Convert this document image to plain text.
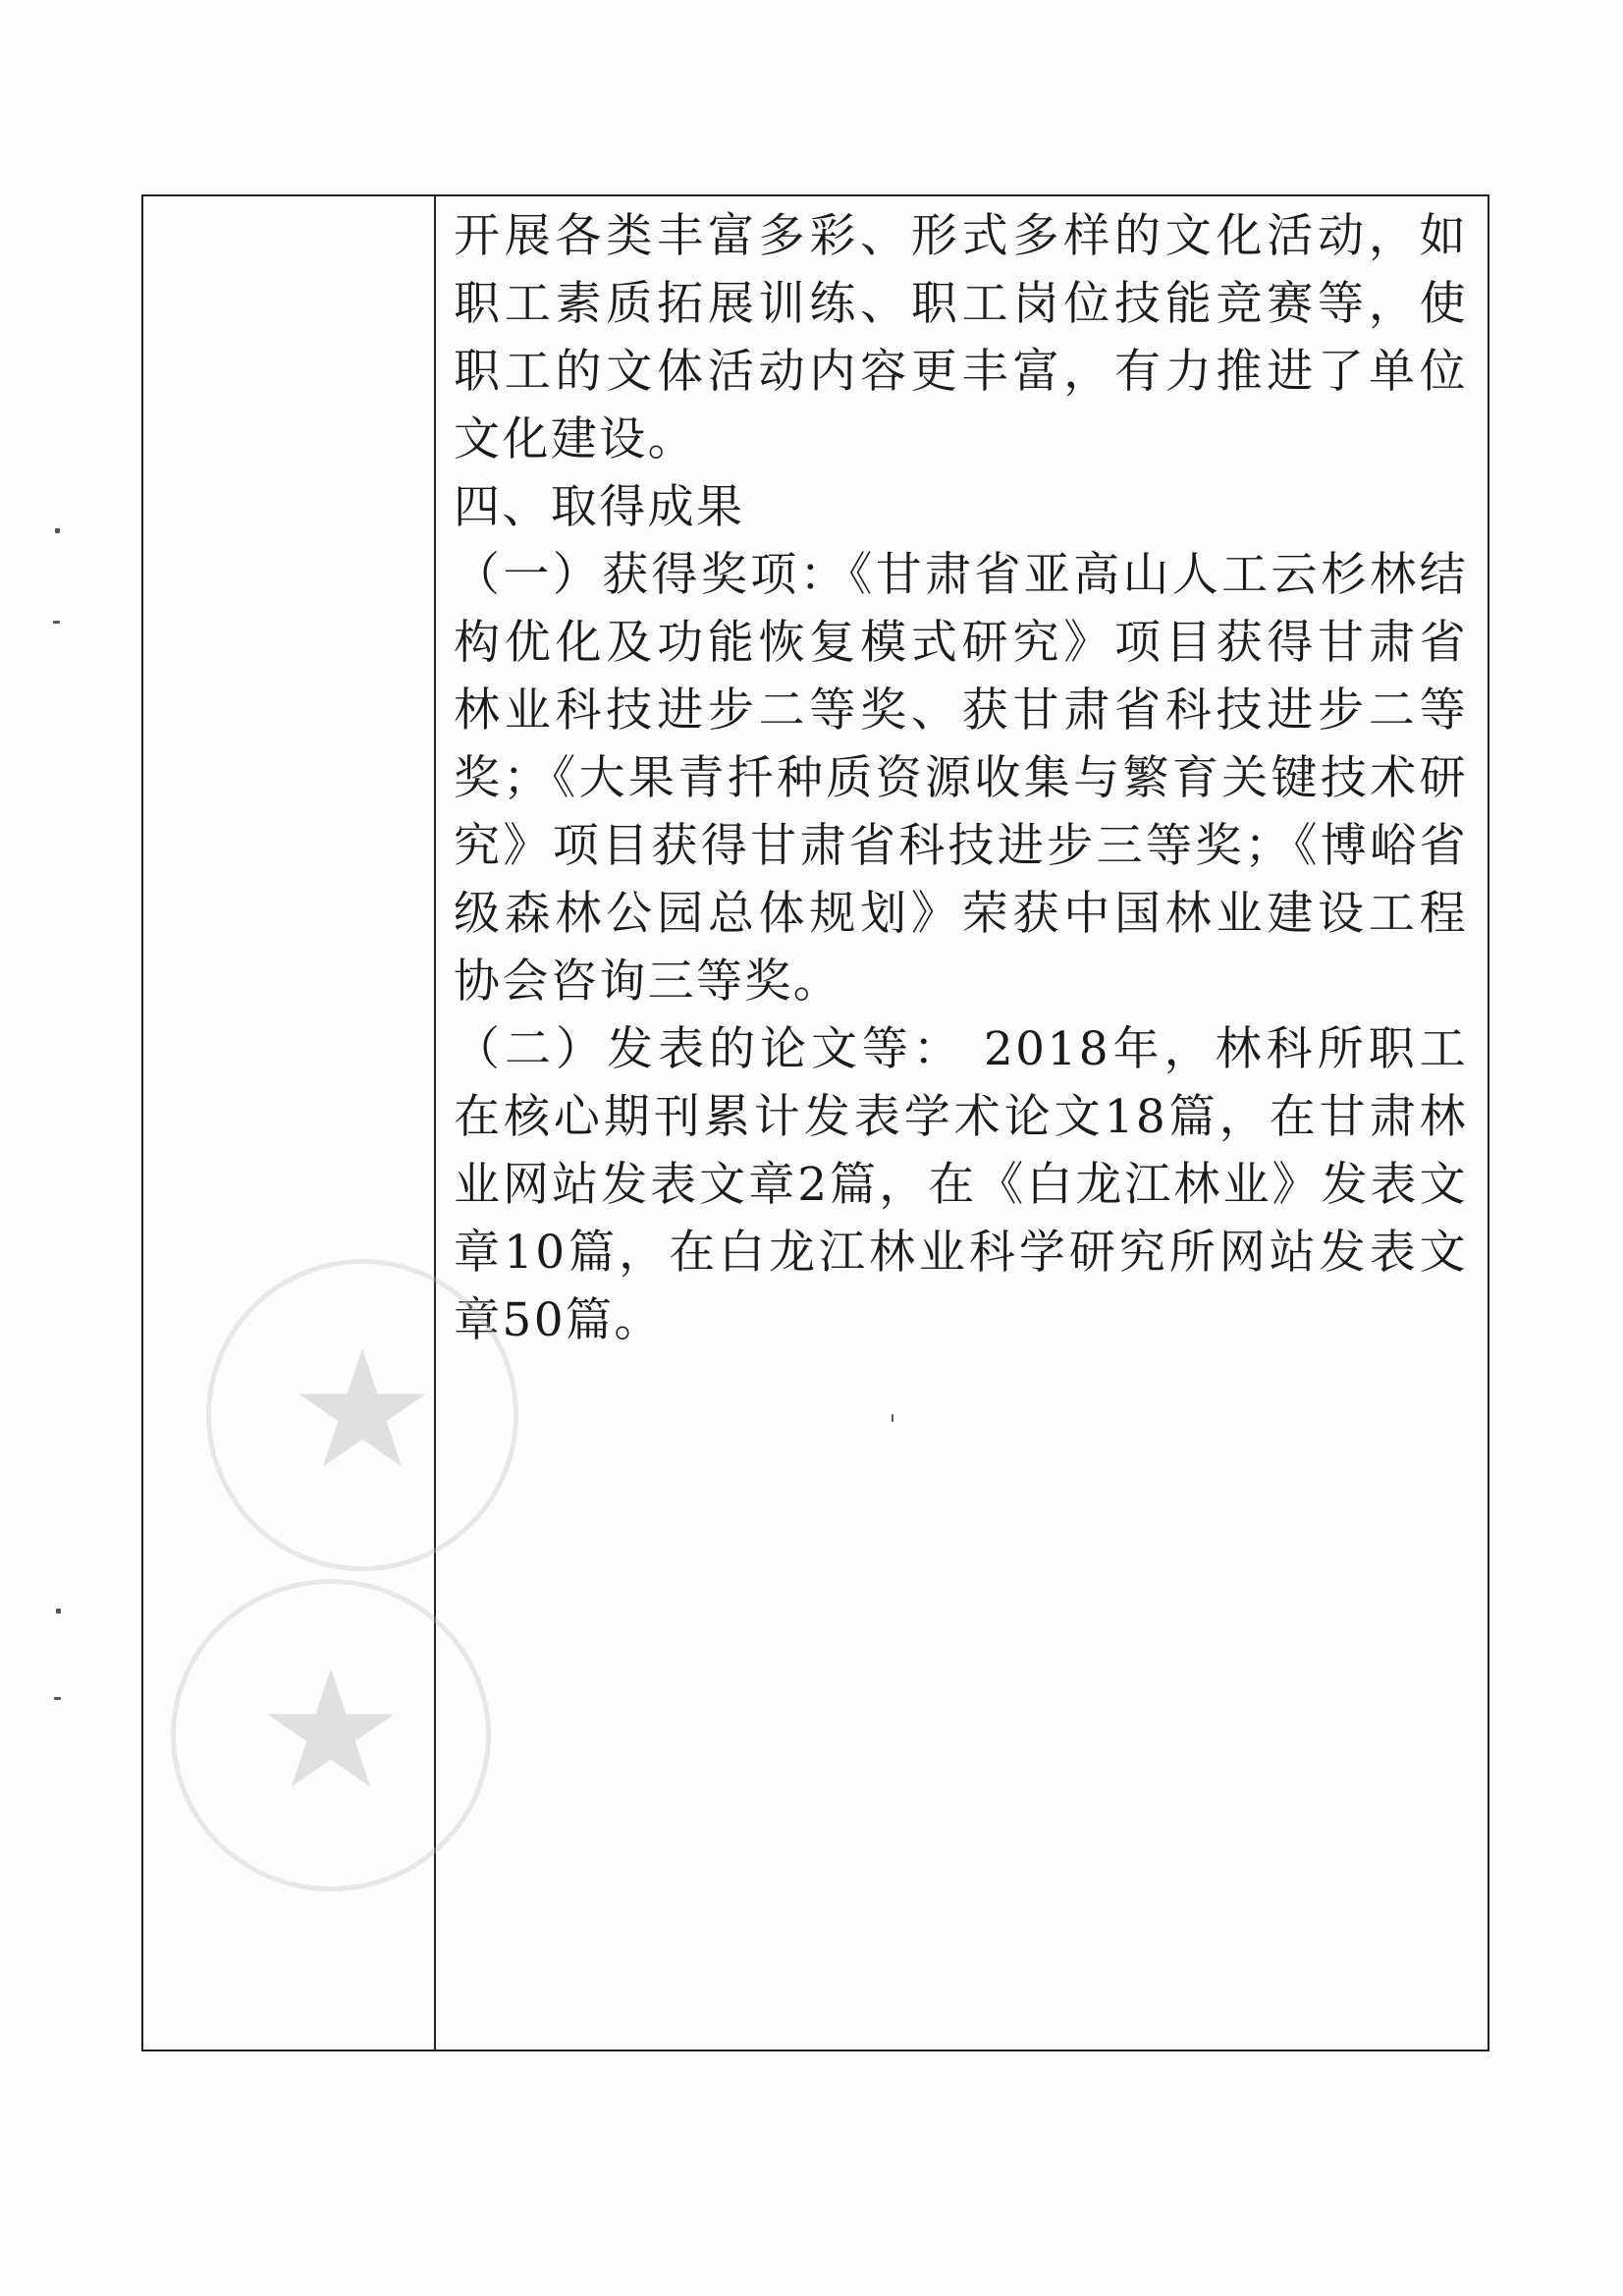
开展各类丰富多彩、形式多样的文化活动，如职工素质拓展训练、职工岗位技能竞赛等，使职工的文体活动内容更丰富，有力推进了单位文化建设。

四、取得成果

（一）获得奖项：《甘肃省亚高山人工云杉林结构优化及功能恢复模式研究》项目获得甘肃省林业科技进步二等奖、获甘肃省科技进步二等奖；《大果青扦种质资源收集与繁育关键技术研究》项目获得甘肃省科技进步三等奖；《博峪省级森林公园总体规划》荣获中国林业建设工程协会咨询三等奖。

（二）发表的论文等： 2018年，林科所职工在核心期刊累计发表学术论文18篇，在甘肃林业网站发表文章2篇，在《白龙江林业》发表文章10篇，在白龙江林业科学研究所网站发表文章50篇。
